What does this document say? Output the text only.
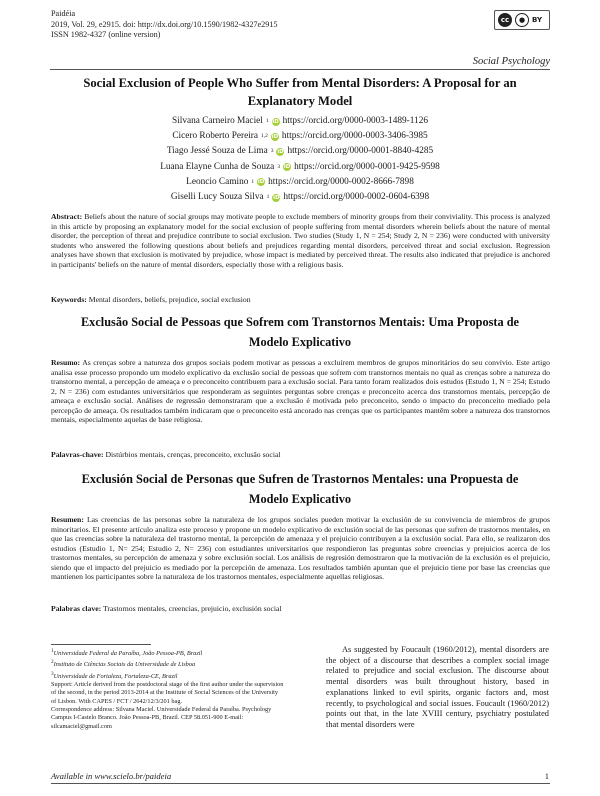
Paidéia
2019, Vol. 29, e2915. doi: http://dx.doi.org/10.1590/1982-4327e2915
ISSN 1982-4327 (online version)
cc	● BY
Social Psychology
Social Exclusion of People Who Suffer from Mental Disorders: A Proposal for an Explanatory Model
Silvana Carneiro Maciel 1 iD https://orcid.org/0000-0003-1489-1126
Cicero Roberto Pereira 1,2 iD https://orcid.org/0000-0003-3406-3985
Tiago Jessé Souza de Lima 3 iD https://orcid.org/0000-0001-8840-4285
Luana Elayne Cunha de Souza 3 iD https://orcid.org/0000-0001-9425-9598
Leoncio Camino 1 iD https://orcid.org/0000-0002-8666-7898
Giselli Lucy Souza Silva 1 iD https://orcid.org/0000-0002-0604-6398
Abstract: Beliefs about the nature of social groups may motivate people to exclude members of minority groups from their conviviality. This process is analyzed in this article by proposing an explanatory model for the social exclusion of people suffering from mental disorders wherein beliefs about the nature of mental disorder, the perception of threat and prejudice contribute to social exclusion. Two studies (Study 1, N = 254; Study 2, N = 236) were conducted with university students who answered the following questions about beliefs and prejudices regarding mental disorders, perceived threat and social exclusion. Regression analyses have shown that exclusion is motivated by prejudice, whose impact is mediated by perceived threat. The results also indicated that prejudice is anchored in participants' beliefs on the nature of mental disorders, especially those with a religious basis.
Keywords: Mental disorders, beliefs, prejudice, social exclusion
Exclusão Social de Pessoas que Sofrem com Transtornos Mentais: Uma Proposta de Modelo Explicativo
Resumo: As crenças sobre a natureza dos grupos sociais podem motivar as pessoas a excluírem membros de grupos minoritários do seu convívio. Este artigo analisa esse processo propondo um modelo explicativo da exclusão social de pessoas que sofrem com transtornos mentais no qual as crenças sobre a natureza do transtorno mental, a percepção de ameaça e o preconceito contribuem para a exclusão social. Para tanto foram realizados dois estudos (Estudo 1, N = 254; Estudo 2, N = 236) com estudantes universitários que responderam as seguintes perguntas sobre crenças e preconceito acerca dos transtornos mentais, percepção de ameaça e exclusão social. Análises de regressão demonstraram que a exclusão é motivada pelo preconceito, sendo o impacto do preconceito mediado pela percepção de ameaça. Os resultados também indicaram que o preconceito está ancorado nas crenças que os participantes mantêm sobre a natureza dos transtornos mentais, especialmente aquelas de base religiosa.
Palavras-chave: Distúrbios mentais, crenças, preconceito, exclusão social
Exclusión Social de Personas que Sufren de Trastornos Mentales: una Propuesta de Modelo Explicativo
Resumen: Las creencias de las personas sobre la naturaleza de los grupos sociales pueden motivar la exclusión de su convivencia de miembros de grupos minoritarios. El presente artículo analiza este proceso y propone un modelo explicativo de exclusión social de las personas que sufren de trastornos mentales, en que las creencias sobre la naturaleza del trastorno mental, la percepción de amenaza y el prejuicio contribuyen a la exclusión social. Para ello, se realizaron dos estudios (Estudio 1, N= 254; Estudio 2, N= 236) con estudiantes universitarios que respondieron las preguntas sobre creencias y prejuicios acerca de los trastornos mentales, su percepción de amenaza y sobre exclusión social. Los análisis de regresión demostraron que la motivación de la exclusión es el prejuicio, siendo que el impacto del prejuicio es mediado por la percepción de amenaza. Los resultados también apuntan que el prejuicio tiene por base las creencias que mantienen los participantes sobre la naturaleza de los trastornos mentales, especialmente aquellas religiosas.
Palabras clave: Trastornos mentales, creencias, prejuicio, exclusión social
$^1$Universidade Federal da Paraíba, João Pessoa-PB, Brazil
$^2$Instituto de Ciências Sociais da Universidade de Lisboa
$^3$Universidade de Fortaleza, Fortaleza-CE, Brazil
Support: Article derived from the postdoctoral stage of the first author under the supervision of the second, in the period 2013-2014 at the Institute of Social Sciences of the University of Lisbon. With CAPES / FCT / 2642/12/3/201 bag.
Correspondence address: Silvana Maciel. Universidade Federal da Paraíba. Psychology Campus I-Castelo Branco. João Pessoa-PB, Brazil. CEP 58.051-900 E-mail: silcamaciel@gmail.com

As suggested by Foucault (1960/2012), mental disorders are the object of a discourse that describes a complex social image related to prejudice and social exclusion. The discourse about mental disorders was built throughout history, based in explanations linked to evil spirits, organic factors and, most recently, to psychological and social issues. Foucault (1960/2012) points out that, in the late XVIII century, psychiatry postulated that mental disorders were

Available in www.scielo.br/paideia	1
